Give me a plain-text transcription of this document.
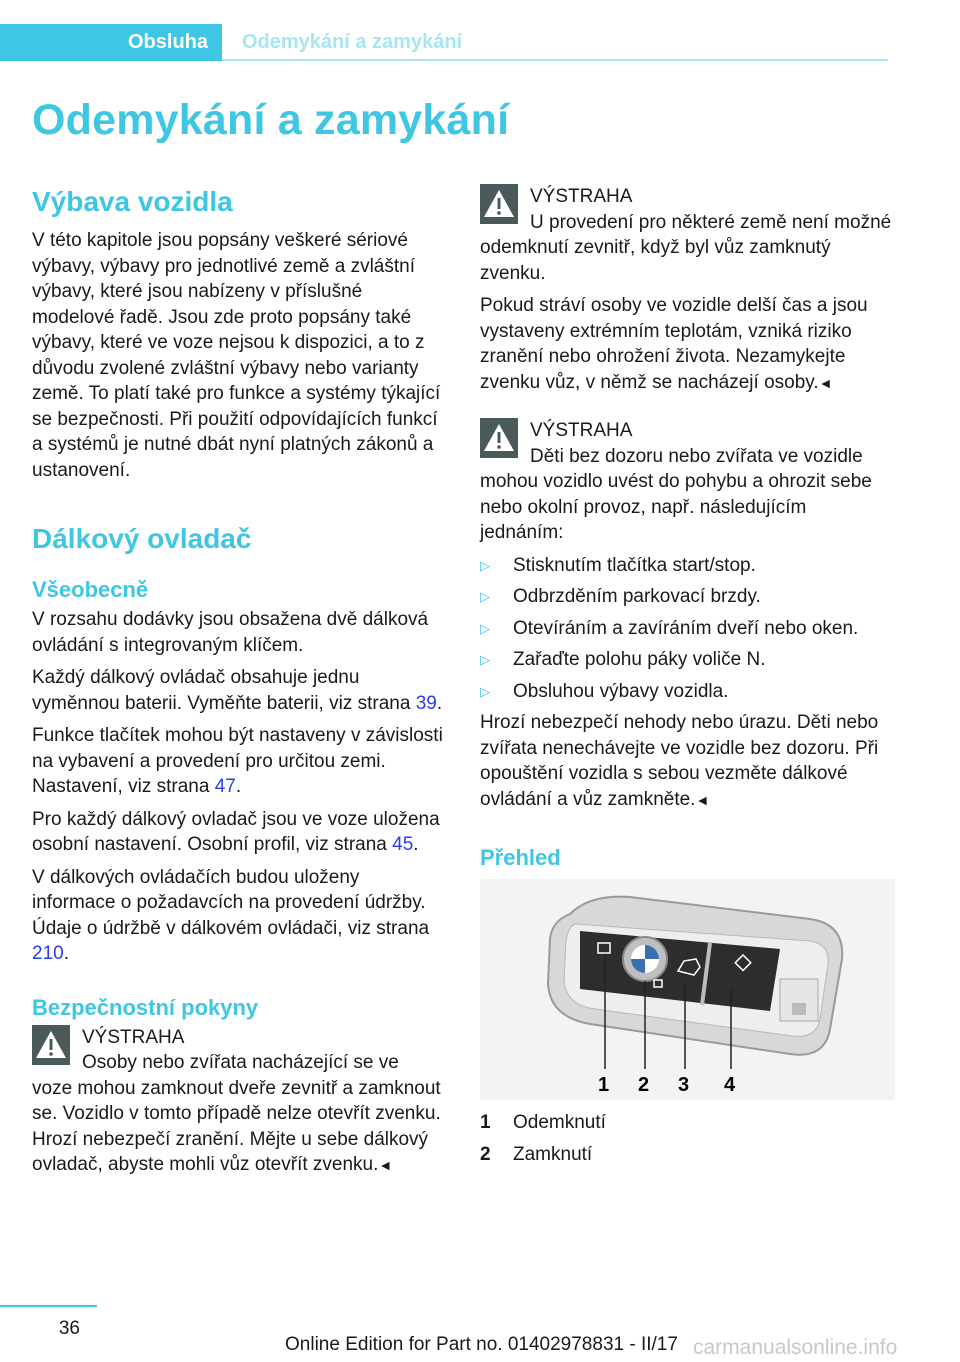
Obsluha Odemykání a zamykání
Odemykání a zamykání
Výbava vozidla

V této kapitole jsou popsány veškeré sériové výbavy, výbavy pro jednotlivé země a zvláštní výbavy, které jsou nabízeny v příslušné modelové řadě. Jsou zde proto popsány také výbavy, které ve voze nejsou k dispozici, a to z důvodu zvolené zvláštní výbavy nebo varianty země. To platí také pro funkce a systémy týkající se bezpečnosti. Při použití odpovídajících funkcí a systémů je nutné dbát nyní platných zákonů a ustanovení.

Dálkový ovladač
Všeobecně

V rozsahu dodávky jsou obsažena dvě dálková ovládání s integrovaným klíčem.

Každý dálkový ovládač obsahuje jednu vyměnnou baterii. Vyměňte baterii, viz strana 39.

Funkce tlačítek mohou být nastaveny v závislosti na vybavení a provedení pro určitou zemi. Nastavení, viz strana 47.

Pro každý dálkový ovladač jsou ve voze uložena osobní nastavení. Osobní profil, viz strana 45.

V dálkových ovládačích budou uloženy informace o požadavcích na provedení údržby. Údaje o údržbě v dálkovém ovládači, viz strana 210.

Bezpečnostní pokyny
VÝSTRAHA

Osoby nebo zvířata nacházející se ve voze mohou zamknout dveře zevnitř a zamknout se. Vozidlo v tomto případě nelze otevřít zvenku. Hrozí nebezpečí zranění. Mějte u sebe dálkový ovladač, abyste mohli vůz otevřít zvenku.◄

VÝSTRAHA

U provedení pro některé země není možné odemknutí zevnitř, když byl vůz zamknutý zvenku.

Pokud stráví osoby ve vozidle delší čas a jsou vystaveny extrémním teplotám, vzniká riziko zranění nebo ohrožení života. Nezamykejte zvenku vůz, v němž se nacházejí osoby.◄

VÝSTRAHA

Děti bez dozoru nebo zvířata ve vozidle mohou vozidlo uvést do pohybu a ohrozit sebe nebo okolní provoz, např. následujícím jednáním:

▷ Stisknutím tlačítka start/stop.
▷ Odbrzděním parkovací brzdy.
▷ Otevíráním a zavíráním dveří nebo oken.
▷ Zařaďte polohu páky voliče N.
▷ Obsluhou výbavy vozidla.

Hrozí nebezpečí nehody nebo úrazu. Děti nebo zvířata nenechávejte ve vozidle bez dozoru. Při opouštění vozidla s sebou vezměte dálkové ovládání a vůz zamkněte.◄

Přehled
1 2 3 4
1 Odemknutí
2 Zamknutí
36
Online Edition for Part no. 01402978831 - II/17 carmanualsonline.info
